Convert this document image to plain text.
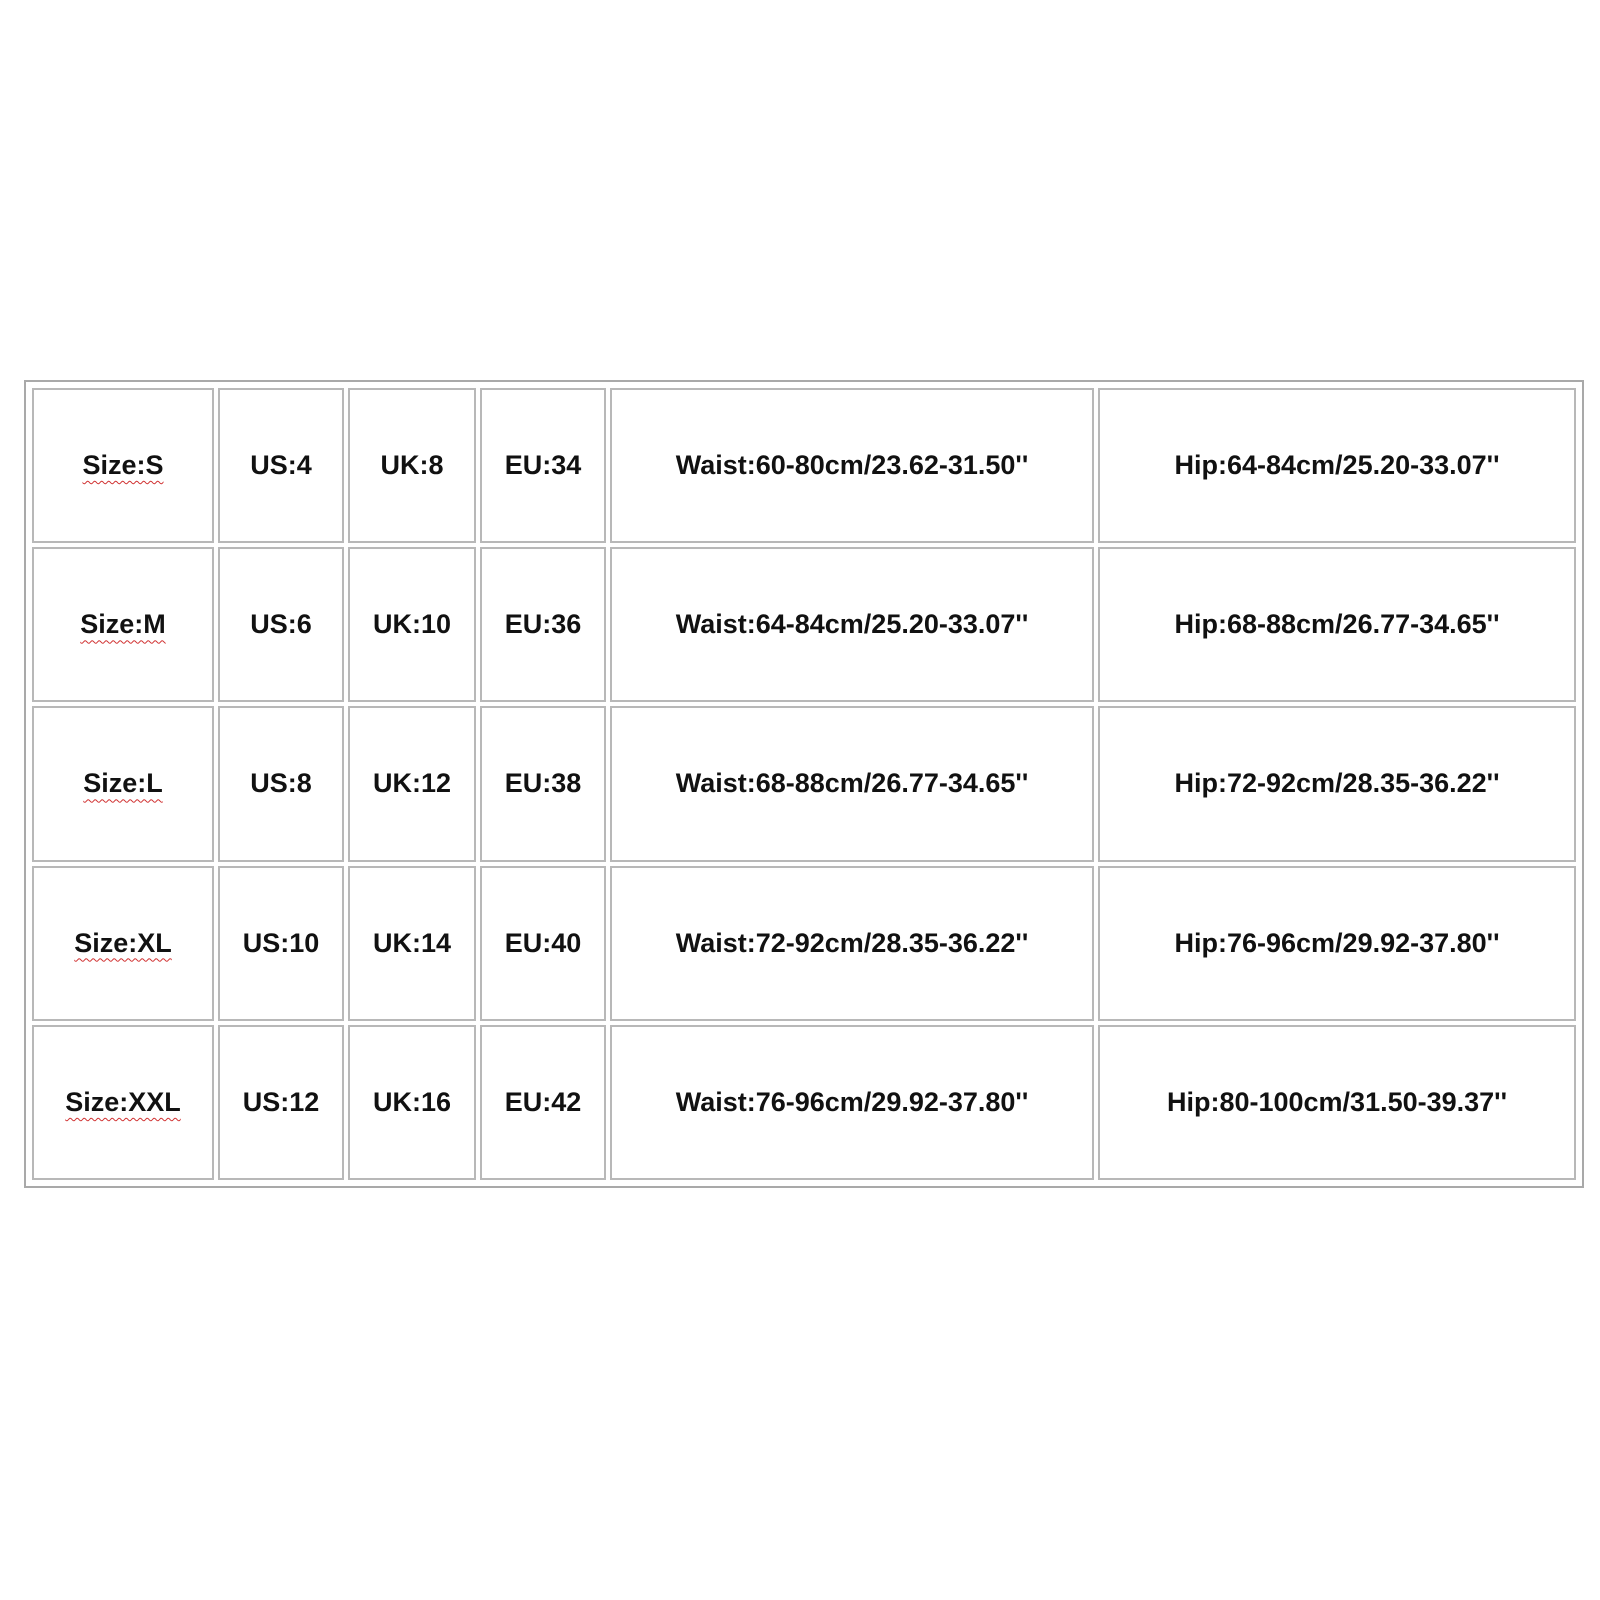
Size:S	US:4	UK:8	EU:34	Waist:60-80cm/23.62-31.50''	Hip:64-84cm/25.20-33.07''
Size:M	US:6	UK:10	EU:36	Waist:64-84cm/25.20-33.07''	Hip:68-88cm/26.77-34.65''
Size:L	US:8	UK:12	EU:38	Waist:68-88cm/26.77-34.65''	Hip:72-92cm/28.35-36.22''
Size:XL	US:10	UK:14	EU:40	Waist:72-92cm/28.35-36.22''	Hip:76-96cm/29.92-37.80''
Size:XXL	US:12	UK:16	EU:42	Waist:76-96cm/29.92-37.80''	Hip:80-100cm/31.50-39.37''
